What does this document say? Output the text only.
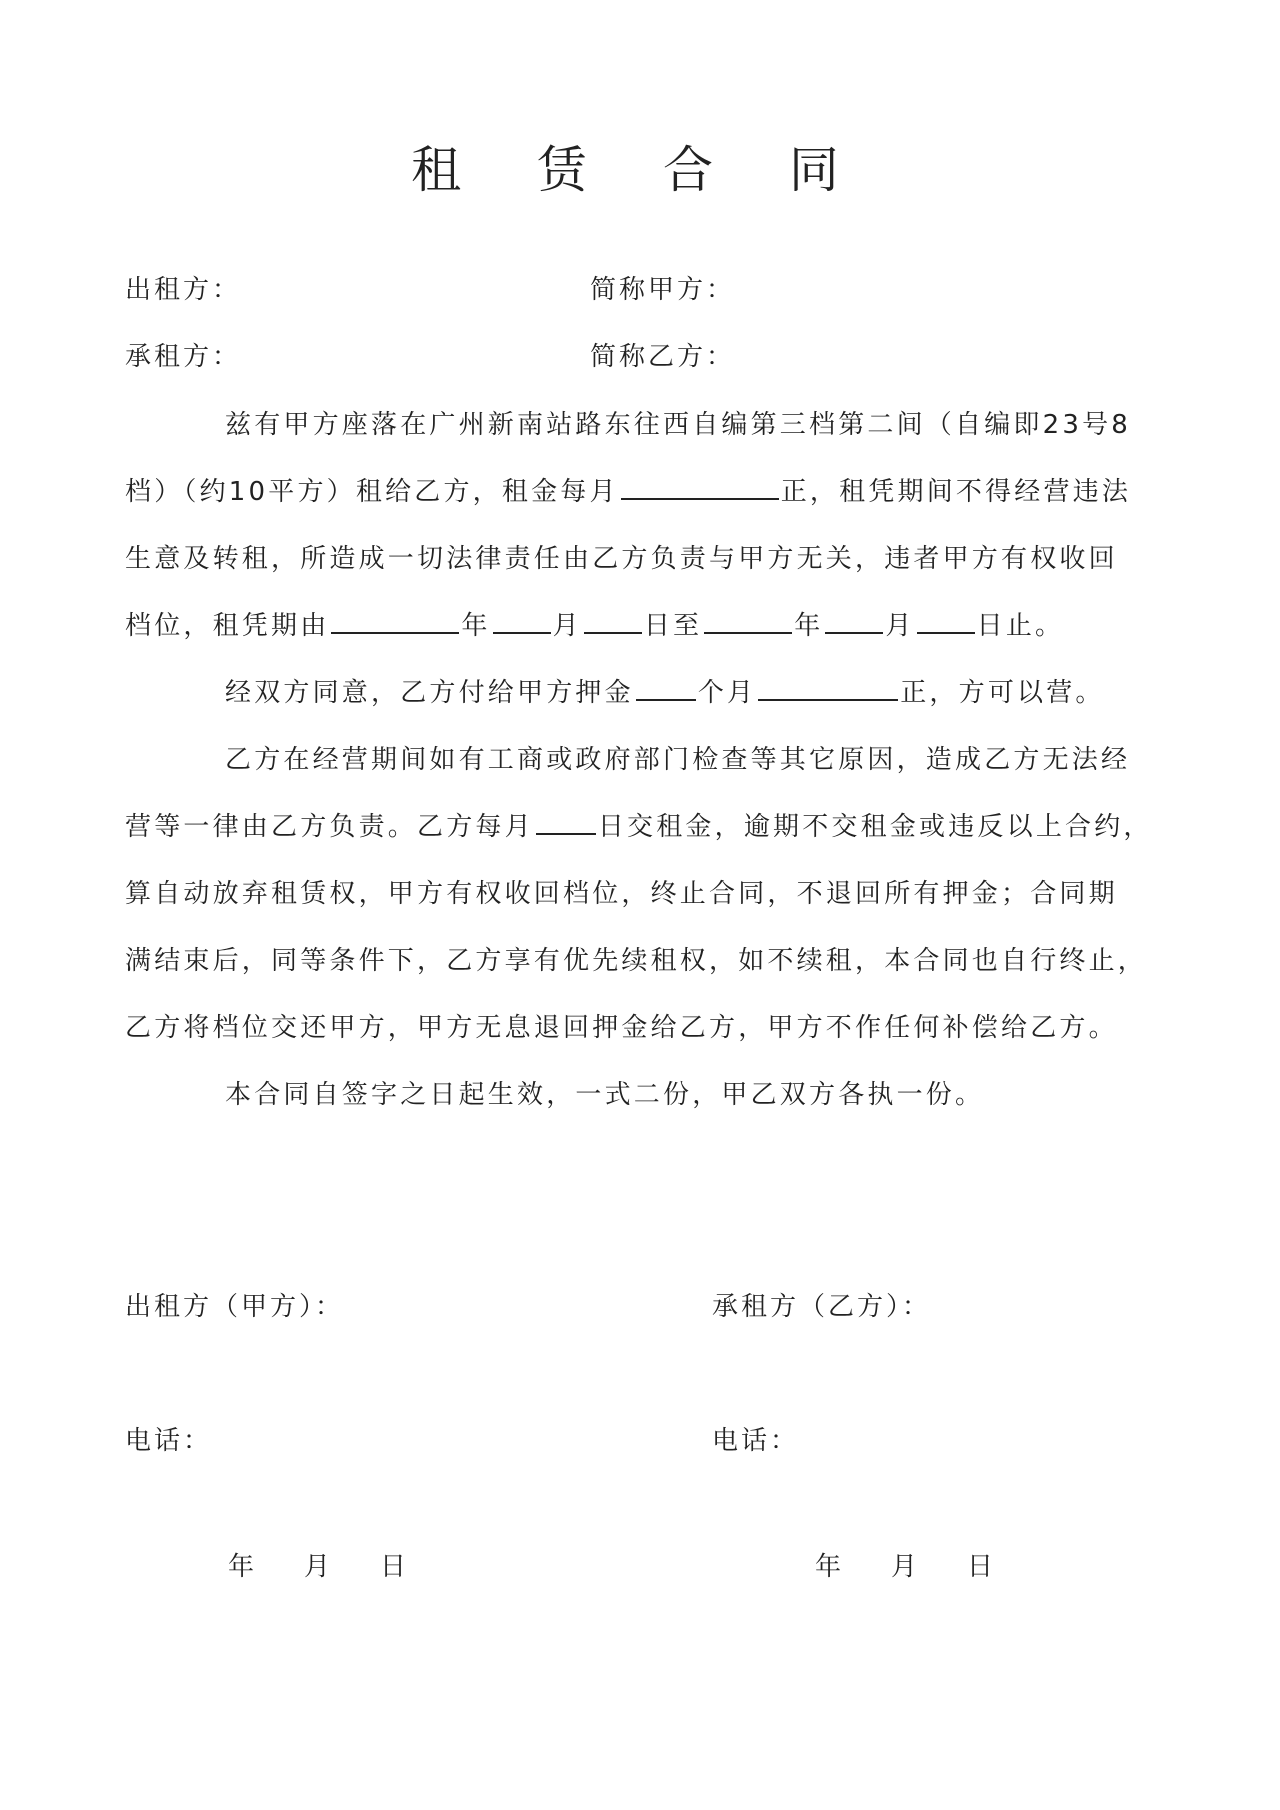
租 赁 合 同
出租方：	简称甲方：
承租方：	简称乙方：
兹有甲方座落在广州新南站路东往西自编第三档第二间（自编即23号8
档）（约10平方）租给乙方，租金每月	正，租凭期间不得经营违法
生意及转租，所造成一切法律责任由乙方负责与甲方无关，违者甲方有权收回
档位，租凭期由	年 月 日至	年 月 日止。
经双方同意，乙方付给甲方押金 个月	正，方可以营。
乙方在经营期间如有工商或政府部门检查等其它原因，造成乙方无法经
营等一律由乙方负责。乙方每月 日交租金，逾期不交租金或违反以上合约，
算自动放弃租赁权，甲方有权收回档位，终止合同，不退回所有押金；合同期
满结束后，同等条件下，乙方享有优先续租权，如不续租，本合同也自行终止，
乙方将档位交还甲方，甲方无息退回押金给乙方，甲方不作任何补偿给乙方。
本合同自签字之日起生效，一式二份，甲乙双方各执一份。
出租方（甲方）：	承租方（乙方）：
电话：	电话：
年 月 日	年 月 日
